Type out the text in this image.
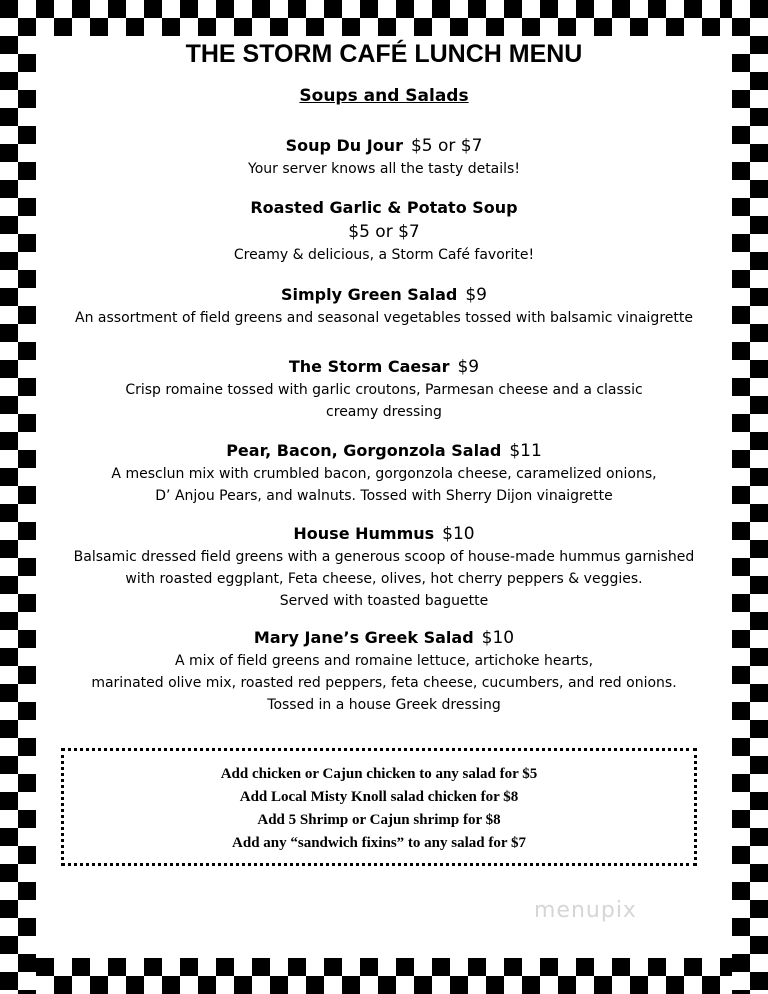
THE STORM CAFÉ LUNCH MENU
Soups and Salads
Soup Du Jour $5 or $7
Your server knows all the tasty details!
Roasted Garlic & Potato Soup
$5 or $7
Creamy & delicious, a Storm Café favorite!
Simply Green Salad $9
An assortment of field greens and seasonal vegetables tossed with balsamic vinaigrette
The Storm Caesar $9
Crisp romaine tossed with garlic croutons, Parmesan cheese and a classic
creamy dressing
Pear, Bacon, Gorgonzola Salad $11
A mesclun mix with crumbled bacon, gorgonzola cheese, caramelized onions,
D’ Anjou Pears, and walnuts. Tossed with Sherry Dijon vinaigrette
House Hummus $10
Balsamic dressed field greens with a generous scoop of house-made hummus garnished
with roasted eggplant, Feta cheese, olives, hot cherry peppers & veggies.
Served with toasted baguette
Mary Jane’s Greek Salad $10
A mix of field greens and romaine lettuce, artichoke hearts,
marinated olive mix, roasted red peppers, feta cheese, cucumbers, and red onions.
Tossed in a house Greek dressing
Add chicken or Cajun chicken to any salad for $5
Add Local Misty Knoll salad chicken for $8
Add 5 Shrimp or Cajun shrimp for $8
Add any “sandwich fixins” to any salad for $7
menupix
